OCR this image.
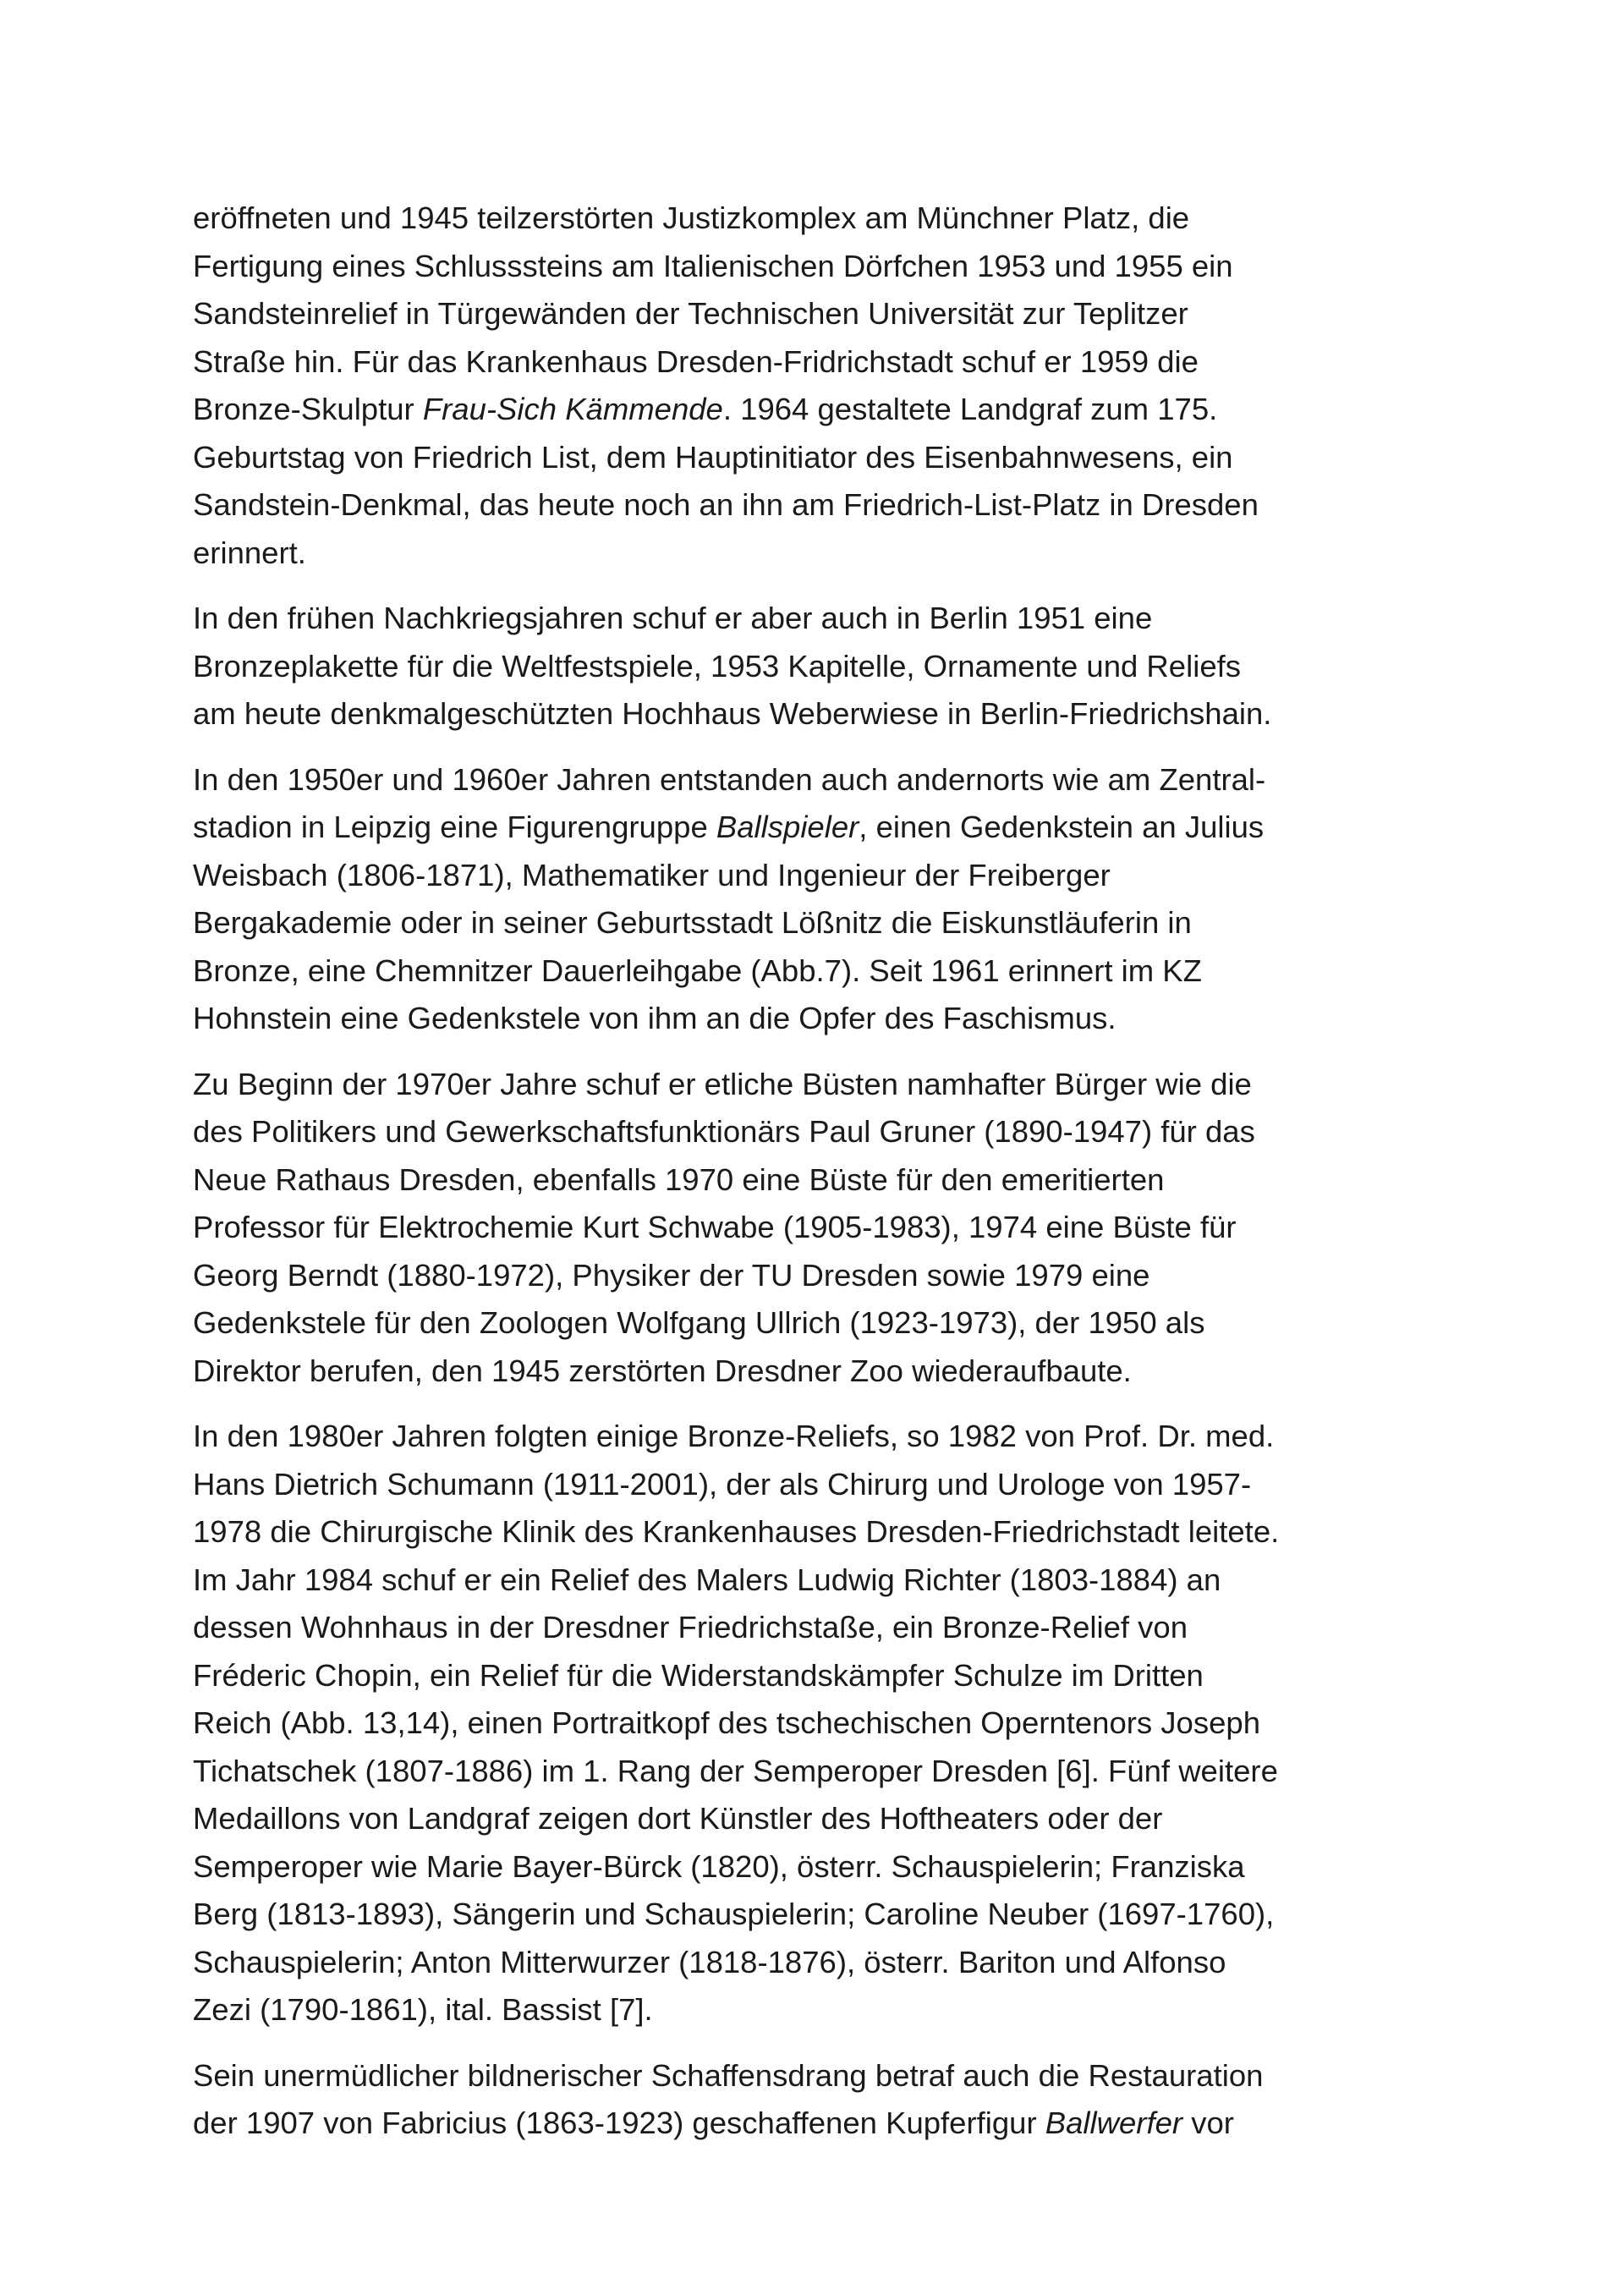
eröffneten und 1945 teilzerstörten Justizkomplex am Münchner Platz, die
Fertigung eines Schlusssteins am Italienischen Dörfchen 1953 und 1955 ein
Sandsteinrelief in Türgewänden der Technischen Universität zur Teplitzer
Straße hin. Für das Krankenhaus Dresden-Fridrichstadt schuf er 1959 die
Bronze-Skulptur Frau-Sich Kämmende. 1964 gestaltete Landgraf zum 175.
Geburtstag von Friedrich List, dem Hauptinitiator des Eisenbahnwesens, ein
Sandstein-Denkmal, das heute noch an ihn am Friedrich-List-Platz in Dresden
erinnert.

In den frühen Nachkriegsjahren schuf er aber auch in Berlin 1951 eine
Bronzeplakette für die Weltfestspiele, 1953 Kapitelle, Ornamente und Reliefs
am heute denkmalgeschützten Hochhaus Weberwiese in Berlin-Friedrichshain.

In den 1950er und 1960er Jahren entstanden auch andernorts wie am Zentral-
stadion in Leipzig eine Figurengruppe Ballspieler, einen Gedenkstein an Julius
Weisbach (1806-1871), Mathematiker und Ingenieur der Freiberger
Bergakademie oder in seiner Geburtsstadt Lößnitz die Eiskunstläuferin in
Bronze, eine Chemnitzer Dauerleihgabe (Abb.7). Seit 1961 erinnert im KZ
Hohnstein eine Gedenkstele von ihm an die Opfer des Faschismus.

Zu Beginn der 1970er Jahre schuf er etliche Büsten namhafter Bürger wie die
des Politikers und Gewerkschaftsfunktionärs Paul Gruner (1890-1947) für das
Neue Rathaus Dresden, ebenfalls 1970 eine Büste für den emeritierten
Professor für Elektrochemie Kurt Schwabe (1905-1983), 1974 eine Büste für
Georg Berndt (1880-1972), Physiker der TU Dresden sowie 1979 eine
Gedenkstele für den Zoologen Wolfgang Ullrich (1923-1973), der 1950 als
Direktor berufen, den 1945 zerstörten Dresdner Zoo wiederaufbaute.

In den 1980er Jahren folgten einige Bronze-Reliefs, so 1982 von Prof. Dr. med.
Hans Dietrich Schumann (1911-2001), der als Chirurg und Urologe von 1957-
1978 die Chirurgische Klinik des Krankenhauses Dresden-Friedrichstadt leitete.
Im Jahr 1984 schuf er ein Relief des Malers Ludwig Richter (1803-1884) an
dessen Wohnhaus in der Dresdner Friedrichstaße, ein Bronze-Relief von
Fréderic Chopin, ein Relief für die Widerstandskämpfer Schulze im Dritten
Reich (Abb. 13,14), einen Portraitkopf des tschechischen Operntenors Joseph
Tichatschek (1807-1886) im 1. Rang der Semperoper Dresden [6]. Fünf weitere
Medaillons von Landgraf zeigen dort Künstler des Hoftheaters oder der
Semperoper wie Marie Bayer-Bürck (1820), österr. Schauspielerin; Franziska
Berg (1813-1893), Sängerin und Schauspielerin; Caroline Neuber (1697-1760),
Schauspielerin; Anton Mitterwurzer (1818-1876), österr. Bariton und Alfonso
Zezi (1790-1861), ital. Bassist [7].

Sein unermüdlicher bildnerischer Schaffensdrang betraf auch die Restauration
der 1907 von Fabricius (1863-1923) geschaffenen Kupferfigur Ballwerfer vor
